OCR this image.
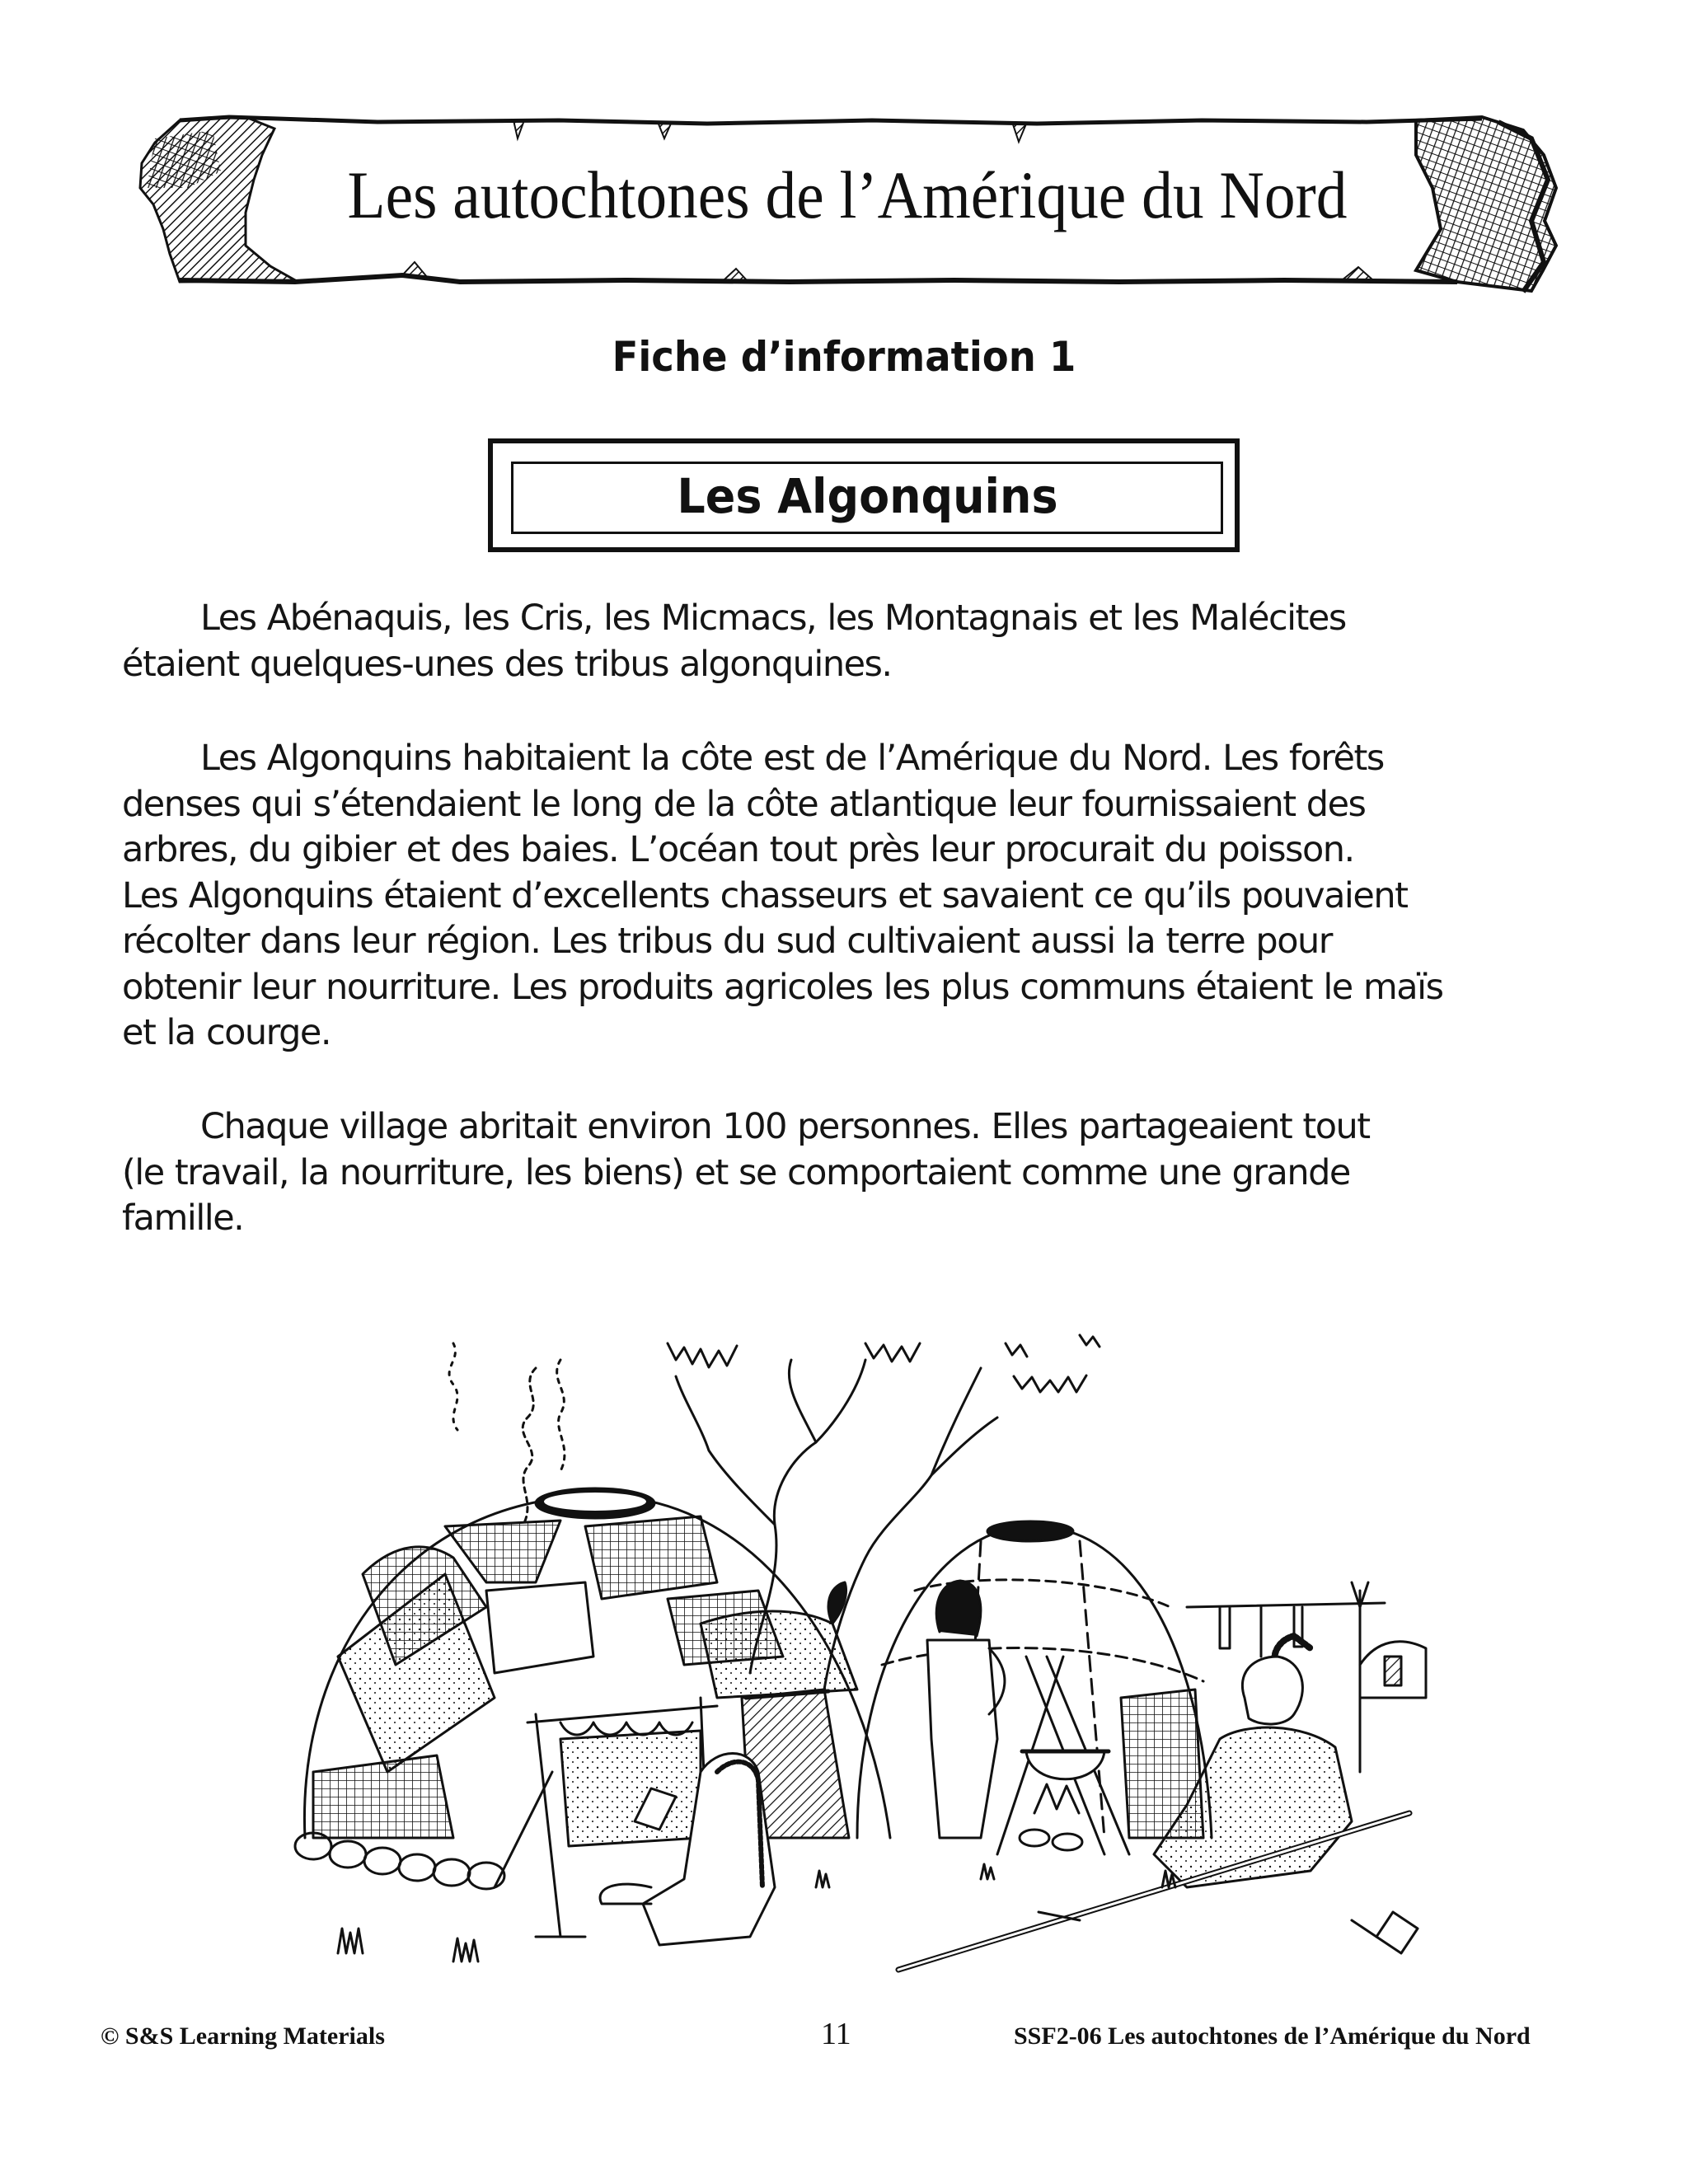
Les autochtones de l’Amérique du Nord
Fiche d’information 1
Les Algonquins

Les Abénaquis, les Cris, les Micmacs, les Montagnais et les Malécites
étaient quelques-unes des tribus algonquines.

Les Algonquins habitaient la côte est de l’Amérique du Nord. Les forêts
denses qui s’étendaient le long de la côte atlantique leur fournissaient des
arbres, du gibier et des baies. L’océan tout près leur procurait du poisson.
Les Algonquins étaient d’excellents chasseurs et savaient ce qu’ils pouvaient
récolter dans leur région. Les tribus du sud cultivaient aussi la terre pour
obtenir leur nourriture. Les produits agricoles les plus communs étaient le maïs
et la courge.

Chaque village abritait environ 100 personnes. Elles partageaient tout
(le travail, la nourriture, les biens) et se comportaient comme une grande
famille.

© S&S Learning Materials	11	SSF2-06 Les autochtones de l’Amérique du Nord
